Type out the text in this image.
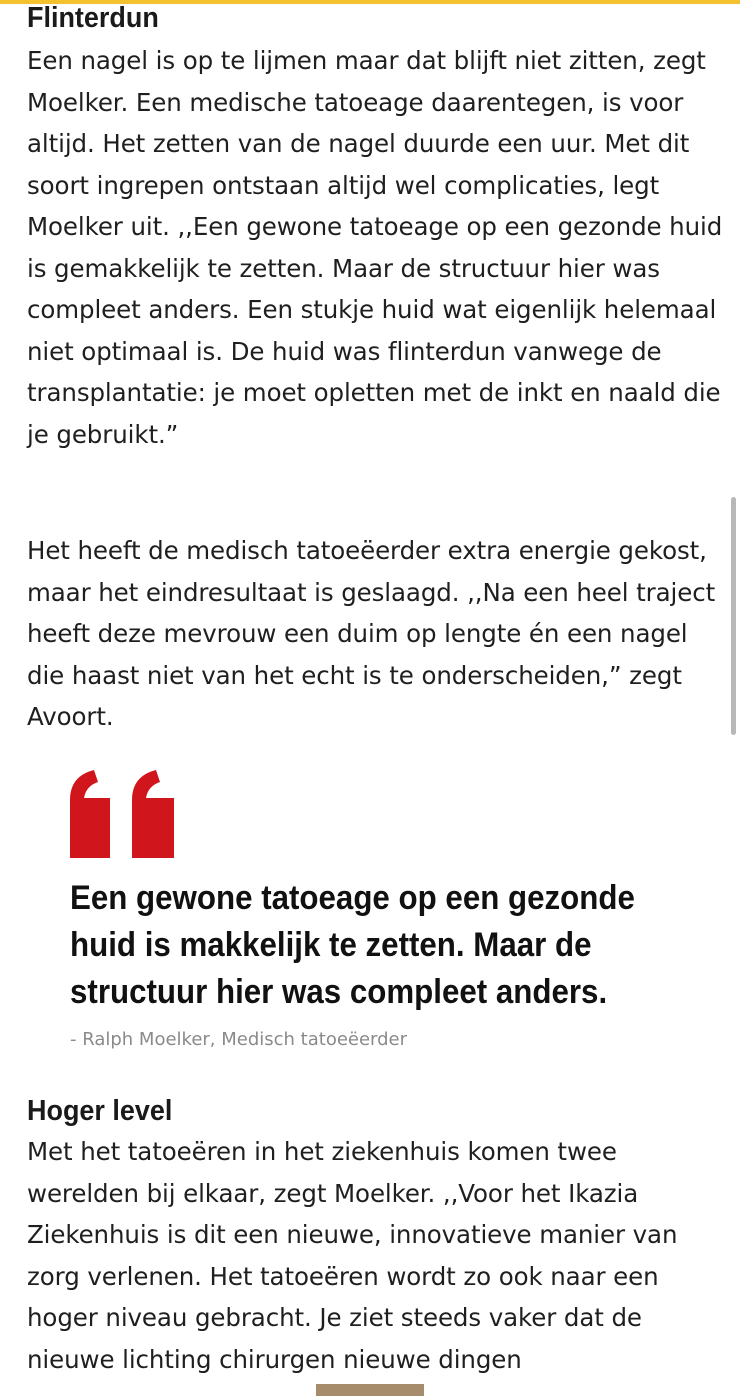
Flinterdun

Een nagel is op te lijmen maar dat blijft niet zitten, zegt Moelker. Een medische tatoeage daarentegen, is voor altijd. Het zetten van de nagel duurde een uur. Met dit soort ingrepen ontstaan altijd wel complicaties, legt Moelker uit. ,,Een gewone tatoeage op een gezonde huid is gemakkelijk te zetten. Maar de structuur hier was compleet anders. Een stukje huid wat eigenlijk helemaal niet optimaal is. De huid was flinterdun vanwege de transplantatie: je moet opletten met de inkt en naald die je gebruikt.”

Het heeft de medisch tatoeëerder extra energie gekost, maar het eindresultaat is geslaagd. ,,Na een heel traject heeft deze mevrouw een duim op lengte én een nagel die haast niet van het echt is te onderscheiden,” zegt Avoort.

Hoger level

Met het tatoeëren in het ziekenhuis komen twee werelden bij elkaar, zegt Moelker. ,,Voor het Ikazia Ziekenhuis is dit een nieuwe, innovatieve manier van zorg verlenen. Het tatoeëren wordt zo ook naar een hoger niveau gebracht. Je ziet steeds vaker dat de nieuwe lichting chirurgen nieuwe dingen

Een gewone tatoeage op een gezonde huid is makkelijk te zetten. Maar de structuur hier was compleet anders.

- Ralph Moelker, Medisch tatoeëerder
